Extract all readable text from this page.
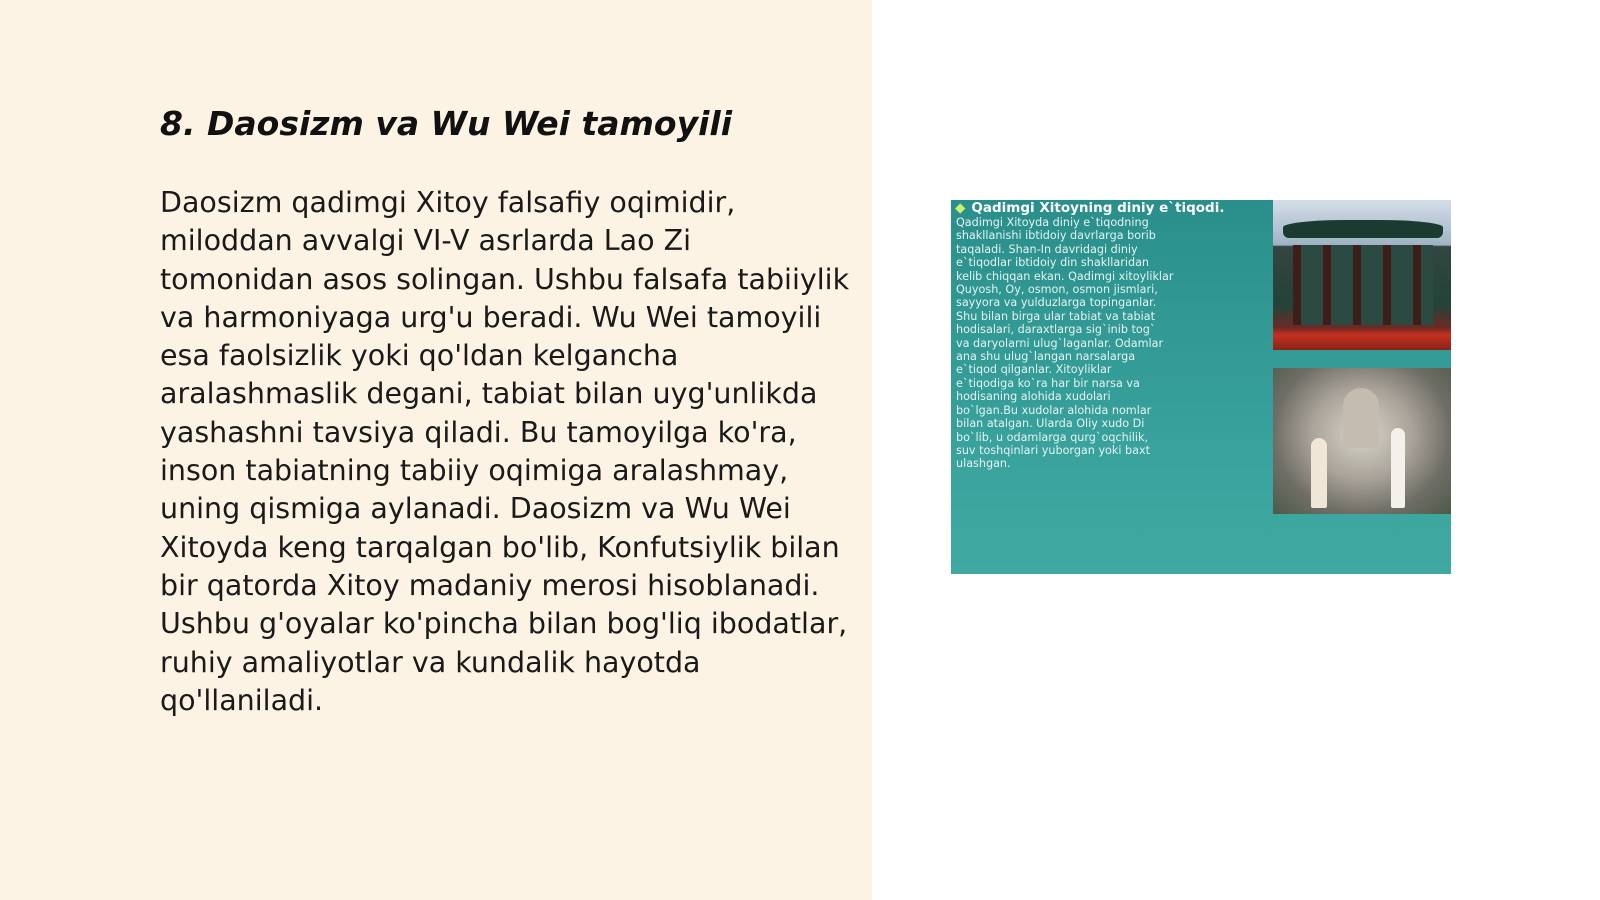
8. Daosizm va Wu Wei tamoyili

Daosizm qadimgi Xitoy falsafiy oqimidir, miloddan avvalgi VI-V asrlarda Lao Zi tomonidan asos solingan. Ushbu falsafa tabiiylik va harmoniyaga urg'u beradi. Wu Wei tamoyili esa faolsizlik yoki qo'ldan kelgancha aralashmaslik degani, tabiat bilan uyg'unlikda yashashni tavsiya qiladi. Bu tamoyilga ko'ra, inson tabiatning tabiiy oqimiga aralashmay, uning qismiga aylanadi. Daosizm va Wu Wei Xitoyda keng tarqalgan bo'lib, Konfutsiylik bilan bir qatorda Xitoy madaniy merosi hisoblanadi. Ushbu g'oyalar ko'pincha bilan bog'liq ibodatlar, ruhiy amaliyotlar va kundalik hayotda qo'llaniladi.

◆ Qadimgi Xitoyning diniy e`tiqodi.
Qadimgi Xitoyda diniy e`tiqodning
shakllanishi ibtidoiy davrlarga borib
taqaladi. Shan-In davridagi diniy
e`tiqodlar ibtidoiy din shakllaridan
kelib chiqqan ekan. Qadimgi xitoyliklar
Quyosh, Oy, osmon, osmon jismlari,
sayyora va yulduzlarga topinganlar.
Shu bilan birga ular tabiat va tabiat
hodisalari, daraxtlarga sig`inib tog`
va daryolarni ulug`laganlar. Odamlar
ana shu ulug`langan narsalarga
e`tiqod qilganlar. Xitoyliklar
e`tiqodiga ko`ra har bir narsa va
hodisaning alohida xudolari
bo`lgan.Bu xudolar alohida nomlar
bilan atalgan. Ularda Oliy xudo Di
bo`lib, u odamlarga qurg`oqchilik,
suv toshqinlari yuborgan yoki baxt
ulashgan.
